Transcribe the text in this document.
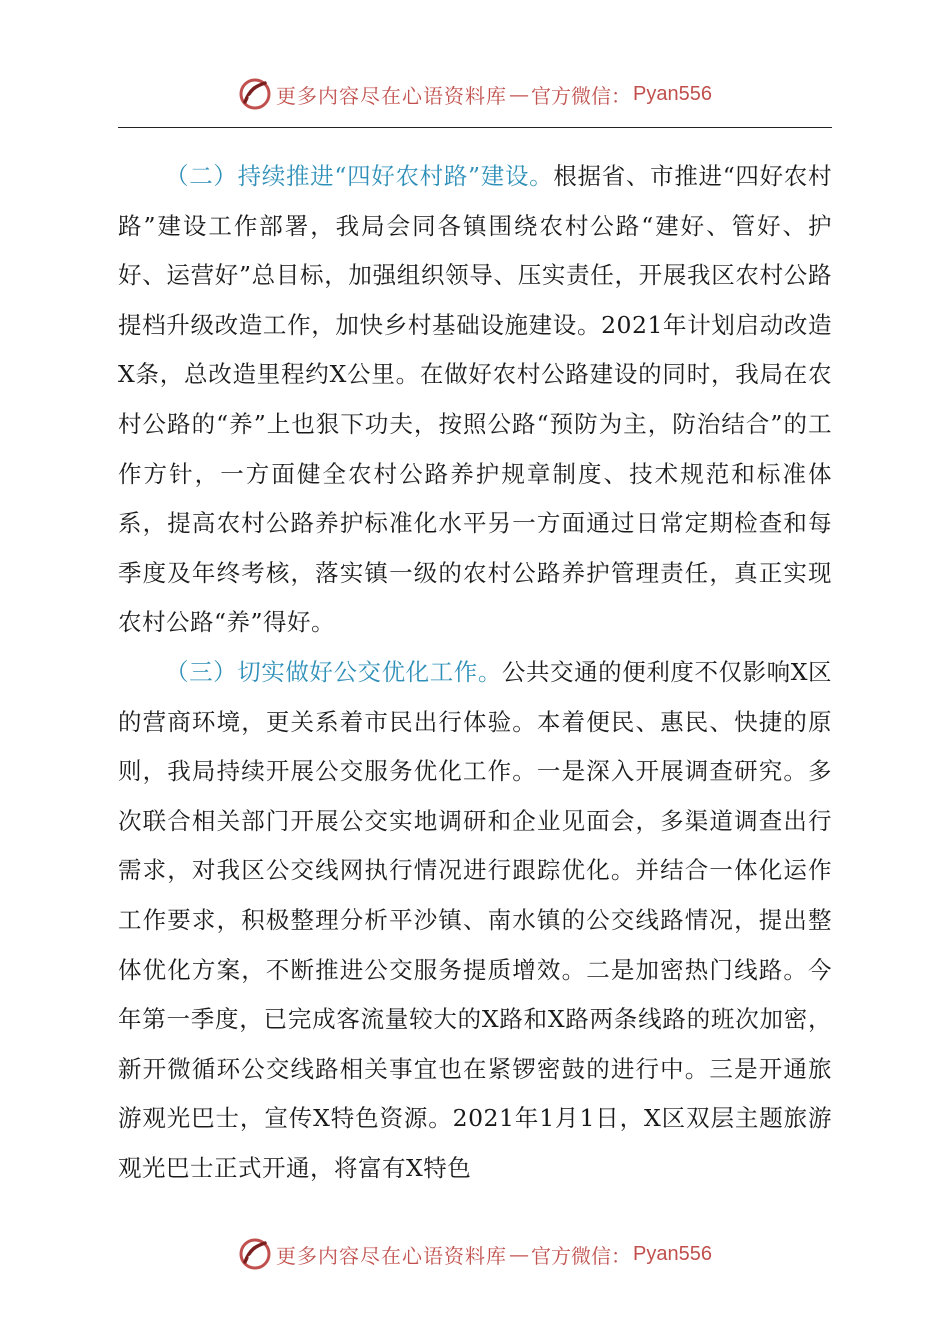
更多内容尽在心语资料库 — 官方微信： Pyan556

（二）持续推进“四好农村路”建设。根据省、市推进“四好农村路”建设工作部署，我局会同各镇围绕农村公路“建好、管好、护好、运营好”总目标，加强组织领导、压实责任，开展我区农村公路提档升级改造工作，加快乡村基础设施建设。2021年计划启动改造X条，总改造里程约X公里。在做好农村公路建设的同时，我局在农村公路的“养”上也狠下功夫，按照公路“预防为主，防治结合”的工作方针，一方面健全农村公路养护规章制度、技术规范和标准体系，提高农村公路养护标准化水平另一方面通过日常定期检查和每季度及年终考核，落实镇一级的农村公路养护管理责任，真正实现农村公路“养”得好。

（三）切实做好公交优化工作。公共交通的便利度不仅影响X区的营商环境，更关系着市民出行体验。本着便民、惠民、快捷的原则，我局持续开展公交服务优化工作。一是深入开展调查研究。多次联合相关部门开展公交实地调研和企业见面会，多渠道调查出行需求，对我区公交线网执行情况进行跟踪优化。并结合一体化运作工作要求，积极整理分析平沙镇、南水镇的公交线路情况，提出整体优化方案，不断推进公交服务提质增效。二是加密热门线路。今年第一季度，已完成客流量较大的X路和X路两条线路的班次加密，新开微循环公交线路相关事宜也在紧锣密鼓的进行中。三是开通旅游观光巴士，宣传X特色资源。2021年1月1日，X区双层主题旅游观光巴士正式开通，将富有X特色

更多内容尽在心语资料库 — 官方微信： Pyan556
